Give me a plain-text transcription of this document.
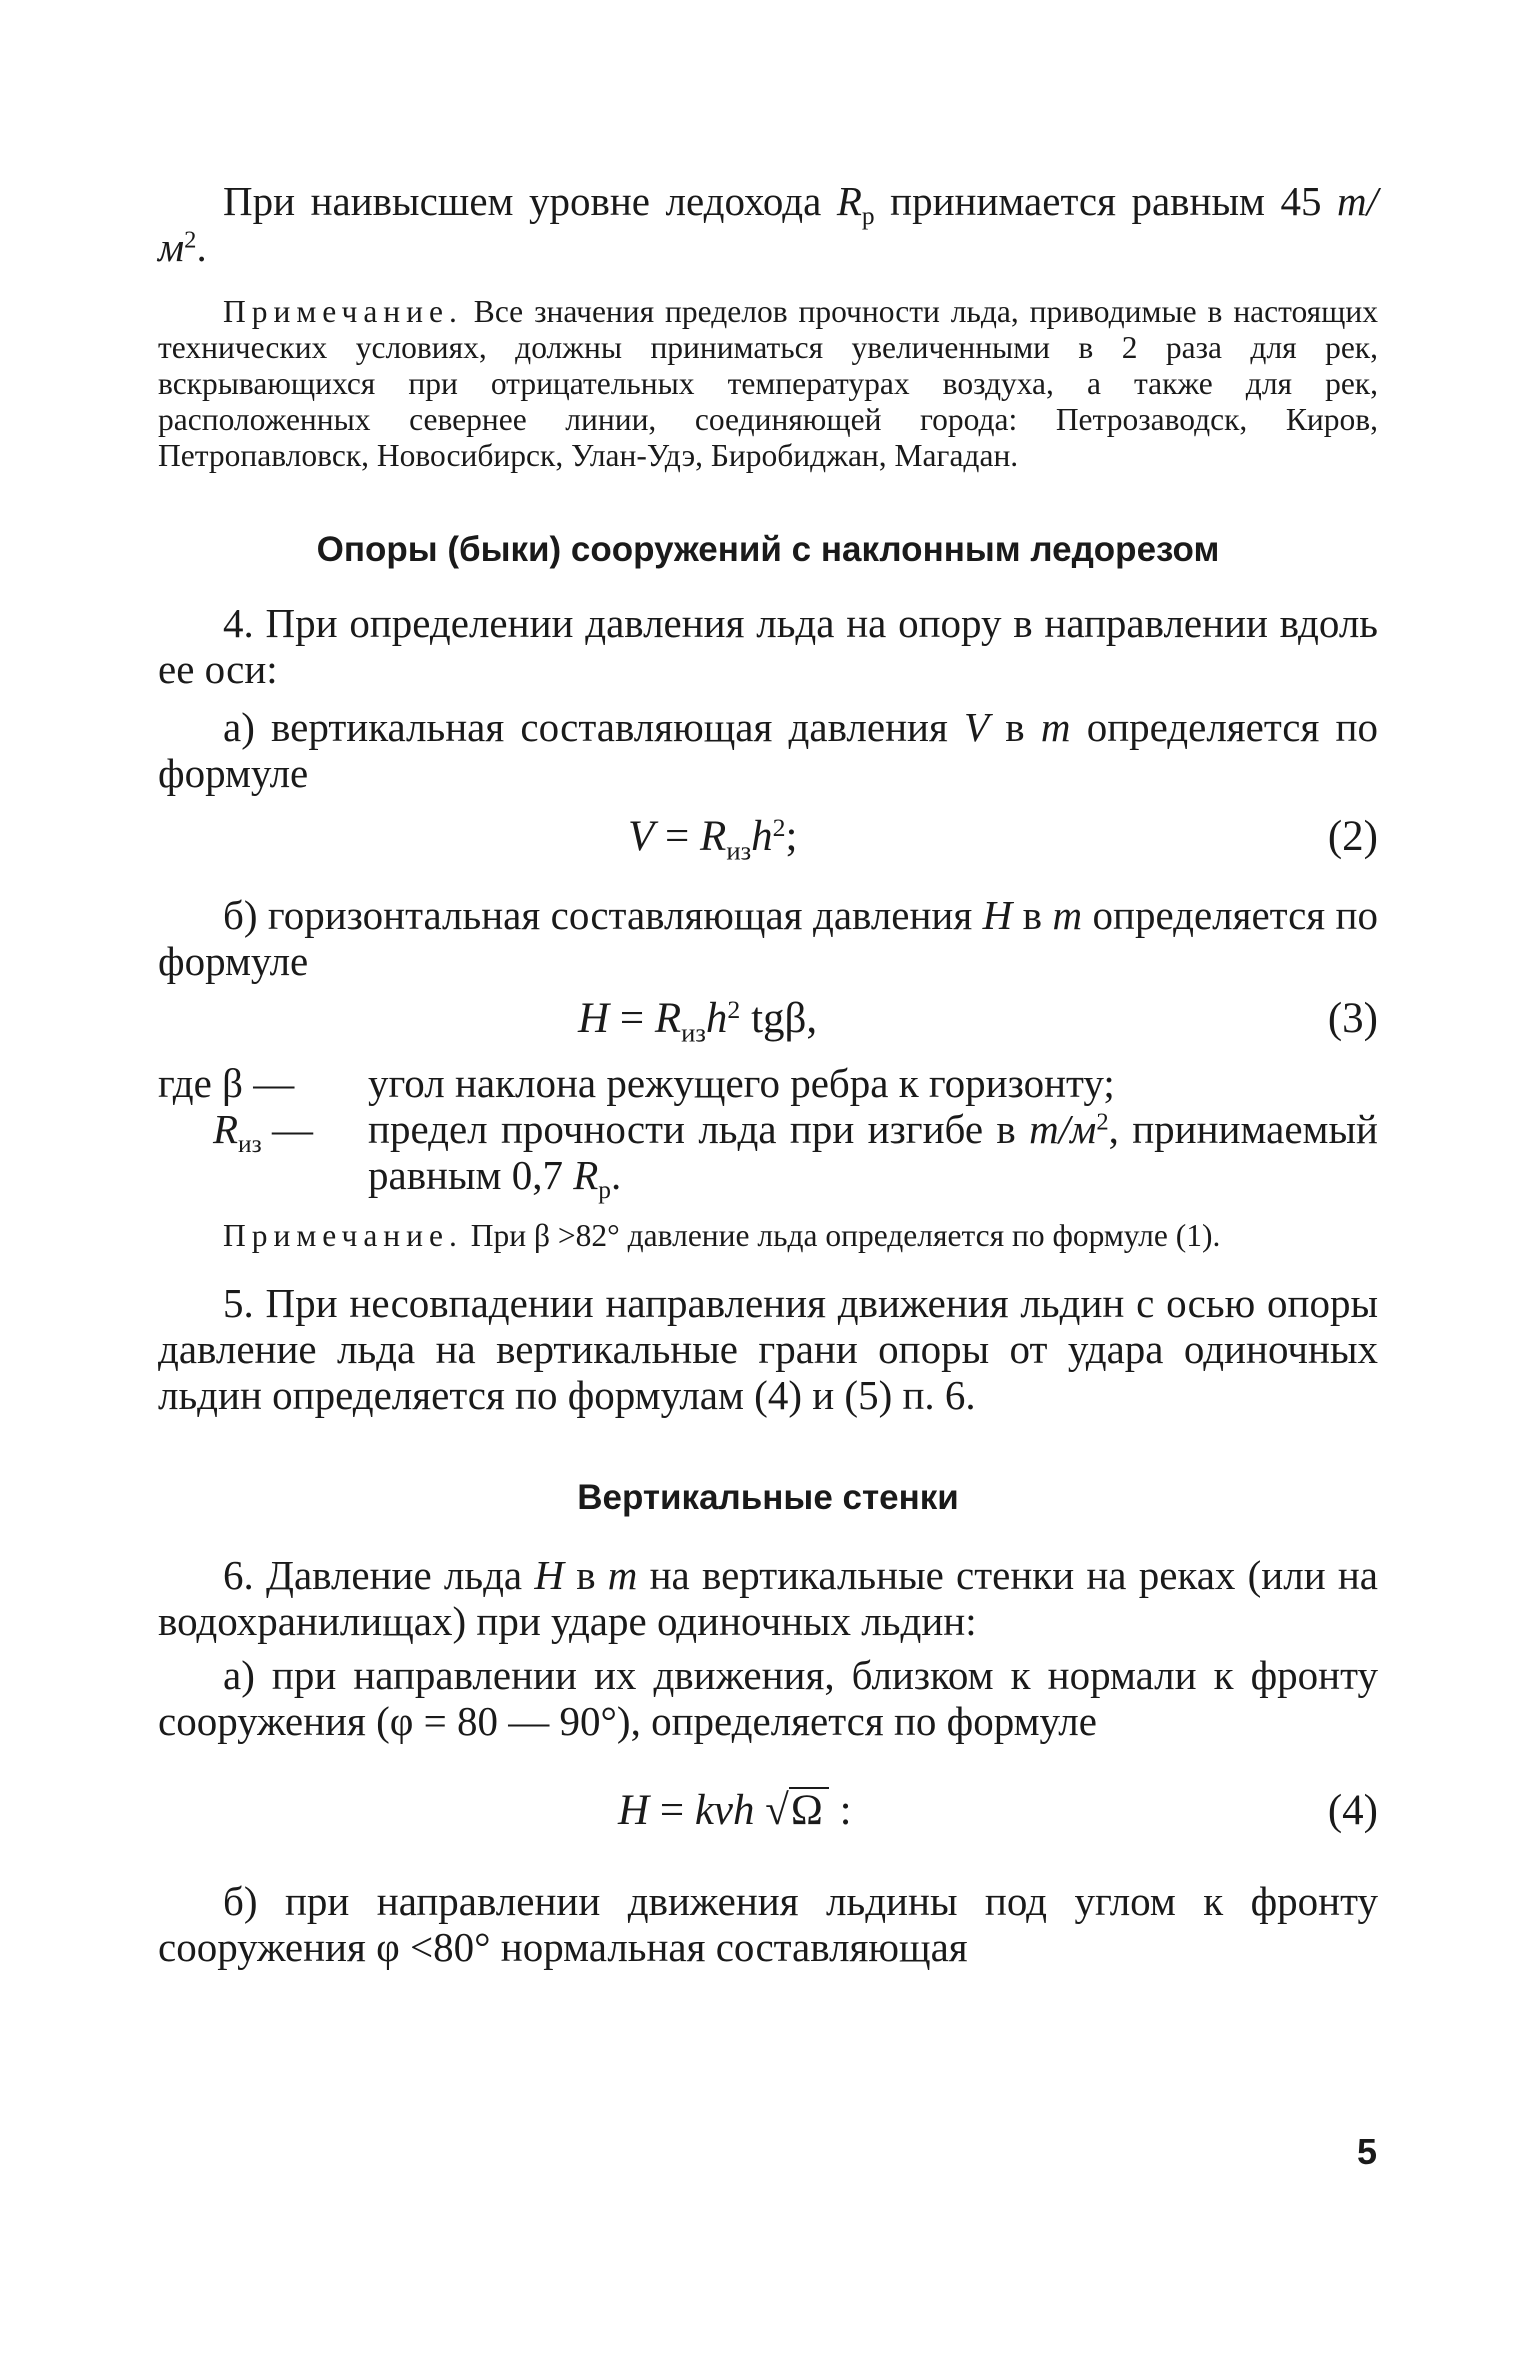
При наивысшем уровне ледохода $R_р$ принимается равным 45 $т/м^2$.

Примечание. Все значения пределов прочности льда, приводимые в настоящих технических условиях, должны приниматься увеличенными в 2 раза для рек, вскрывающихся при отрицательных температурах воздуха, а также для рек, расположенных севернее линии, соединяющей города: Петрозаводск, Киров, Петропавловск, Новосибирск, Улан-Удэ, Биробиджан, Магадан.

Опоры (быки) сооружений с наклонным ледорезом

4. При определении давления льда на опору в направлении вдоль ее оси:

а) вертикальная составляющая давления V в т определяется по формуле

$V = R_{из}h^2$;	(2)

б) горизонтальная составляющая давления H в т определяется по формуле

$H = R_{из}h^2$ tgβ,	(3)
где β —	угол наклона режущего ребра к горизонту;
$R_{из}$ —	предел прочности льда при изгибе в $т/м^2$, принимаемый равным 0,7 $R_р$.

Примечание. При β >82° давление льда определяется по формуле (1).

5. При несовпадении направления движения льдин с осью опоры давление льда на вертикальные грани опоры от удара одиночных льдин определяется по формулам (4) и (5) п. 6.

Вертикальные стенки

6. Давление льда H в т на вертикальные стенки на реках (или на водохранилищах) при ударе одиночных льдин:

а) при направлении их движения, близком к нормали к фронту сооружения (φ = 80 — 90°), определяется по формуле

H = kvh √Ω :	(4)

б) при направлении движения льдины под углом к фронту сооружения φ <80° нормальная составляющая

5
